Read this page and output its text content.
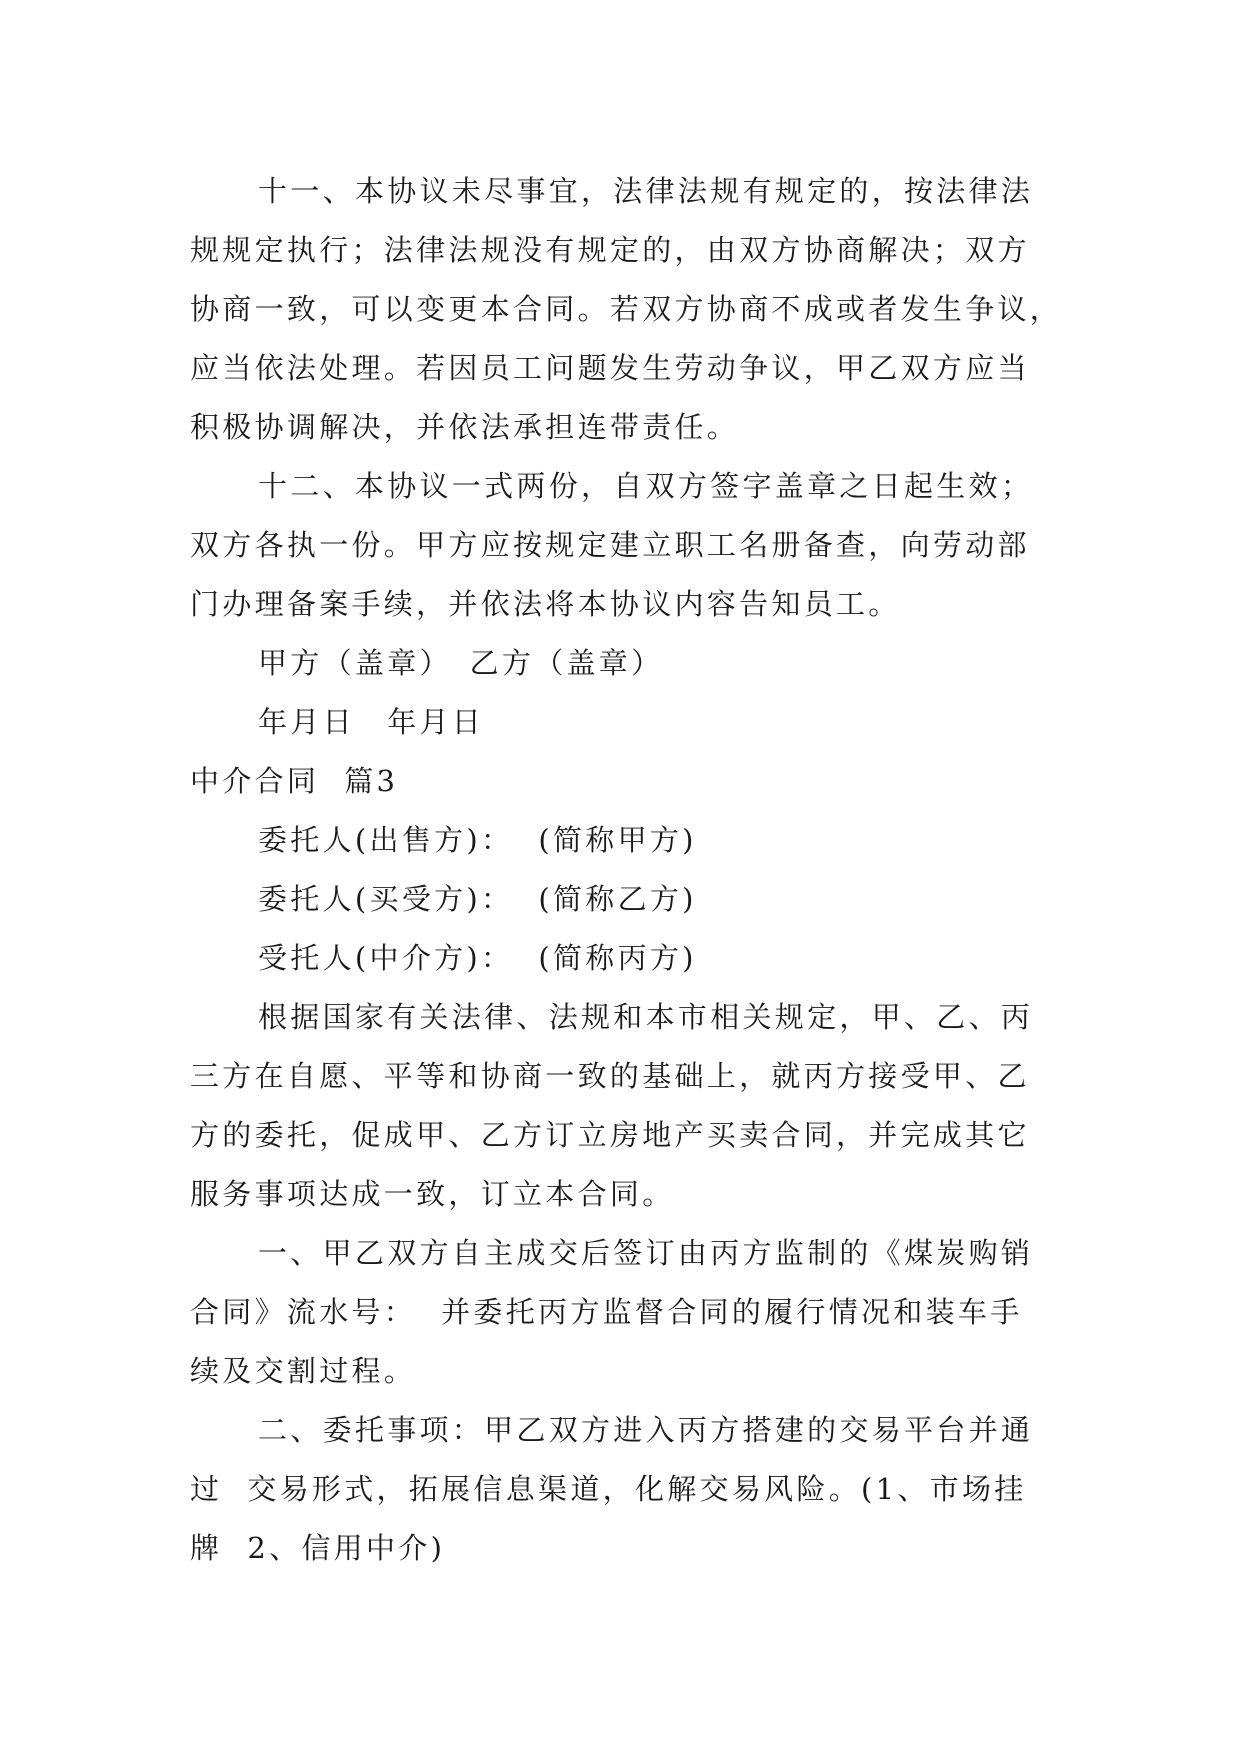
十一、本协议未尽事宜，法律法规有规定的，按法律法

规规定执行；法律法规没有规定的，由双方协商解决；双方

协商一致，可以变更本合同。若双方协商不成或者发生争议，

应当依法处理。若因员工问题发生劳动争议，甲乙双方应当

积极协调解决，并依法承担连带责任。

十二、本协议一式两份，自双方签字盖章之日起生效；

双方各执一份。甲方应按规定建立职工名册备查，向劳动部

门办理备案手续，并依法将本协议内容告知员工。

甲方（盖章）　乙方（盖章）

年月日　年月日

中介合同  篇3

委托人(出售方)：  (简称甲方)

委托人(买受方)：  (简称乙方)

受托人(中介方)：  (简称丙方)

根据国家有关法律、法规和本市相关规定，甲、乙、丙

三方在自愿、平等和协商一致的基础上，就丙方接受甲、乙

方的委托，促成甲、乙方订立房地产买卖合同，并完成其它

服务事项达成一致，订立本合同。

一、甲乙双方自主成交后签订由丙方监制的《煤炭购销

合同》流水号：  并委托丙方监督合同的履行情况和装车手

续及交割过程。

二、委托事项：甲乙双方进入丙方搭建的交易平台并通

过  交易形式，拓展信息渠道，化解交易风险。(1、市场挂

牌  2、信用中介)
